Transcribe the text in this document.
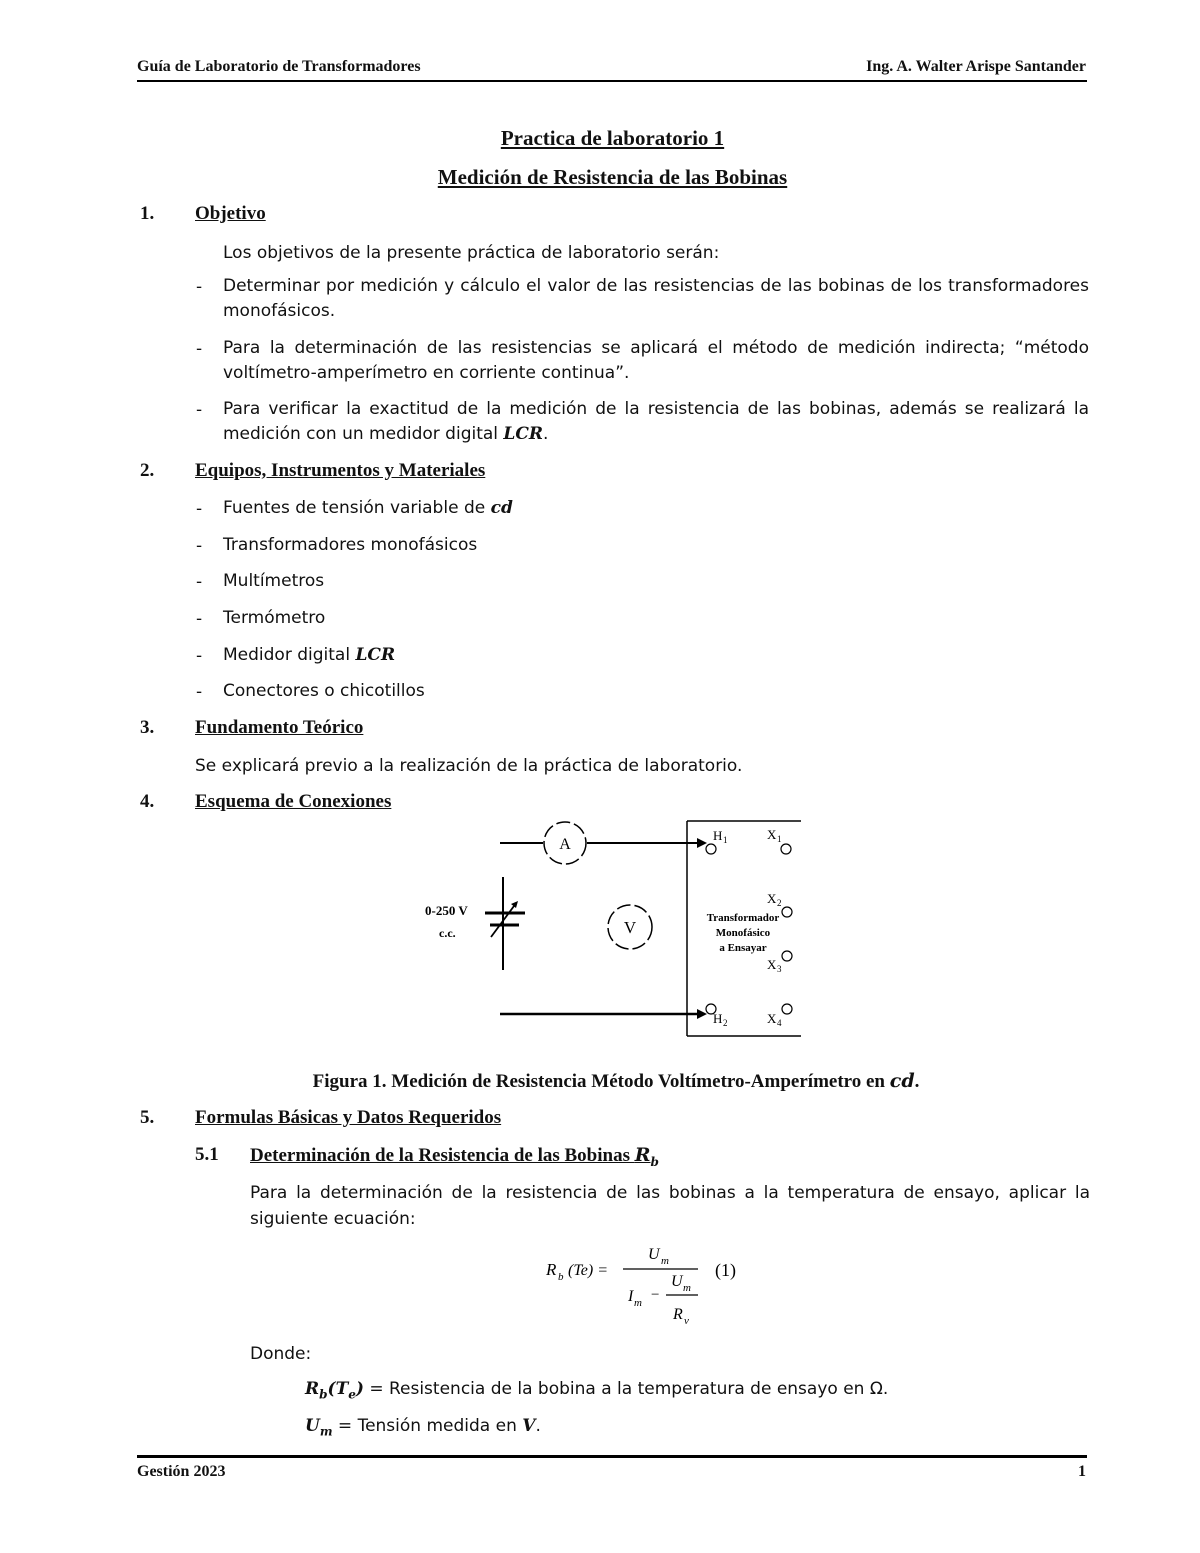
Guía de Laboratorio de Transformadores	Ing. A. Walter Arispe Santander
Practica de laboratorio 1
Medición de Resistencia de las Bobinas
1. Objetivo
Los objetivos de la presente práctica de laboratorio serán:
- Determinar por medición y cálculo el valor de las resistencias de las bobinas de los transformadores monofásicos.
- Para la determinación de las resistencias se aplicará el método de medición indirecta; “método voltímetro-amperímetro en corriente continua”.
- Para verificar la exactitud de la medición de la resistencia de las bobinas, además se realizará la medición con un medidor digital LCR.
2. Equipos, Instrumentos y Materiales
- Fuentes de tensión variable de cd
- Transformadores monofásicos
- Multímetros
- Termómetro
- Medidor digital LCR
- Conectores o chicotillos
3. Fundamento Teórico
Se explicará previo a la realización de la práctica de laboratorio.
4. Esquema de Conexiones
A
0-250 V
c.c.	V	Transformador
Monofásico
a Ensayar
H 1	X 1
X 2
X 3
H 2	X 4
Figura 1. Medición de Resistencia Método Voltímetro-Amperímetro en cd.
5. Formulas Básicas y Datos Requeridos
5.1 Determinación de la Resistencia de las Bobinas $R_b$
Para la determinación de la resistencia de las bobinas a la temperatura de ensayo, aplicar la siguiente ecuación:
R b (Te) =
U m
I m −
U m
R v
(1)
Donde:
$R_b(T_e)$ = Resistencia de la bobina a la temperatura de ensayo en Ω.
$U_m$ = Tensión medida en V.
Gestión 2023	1
